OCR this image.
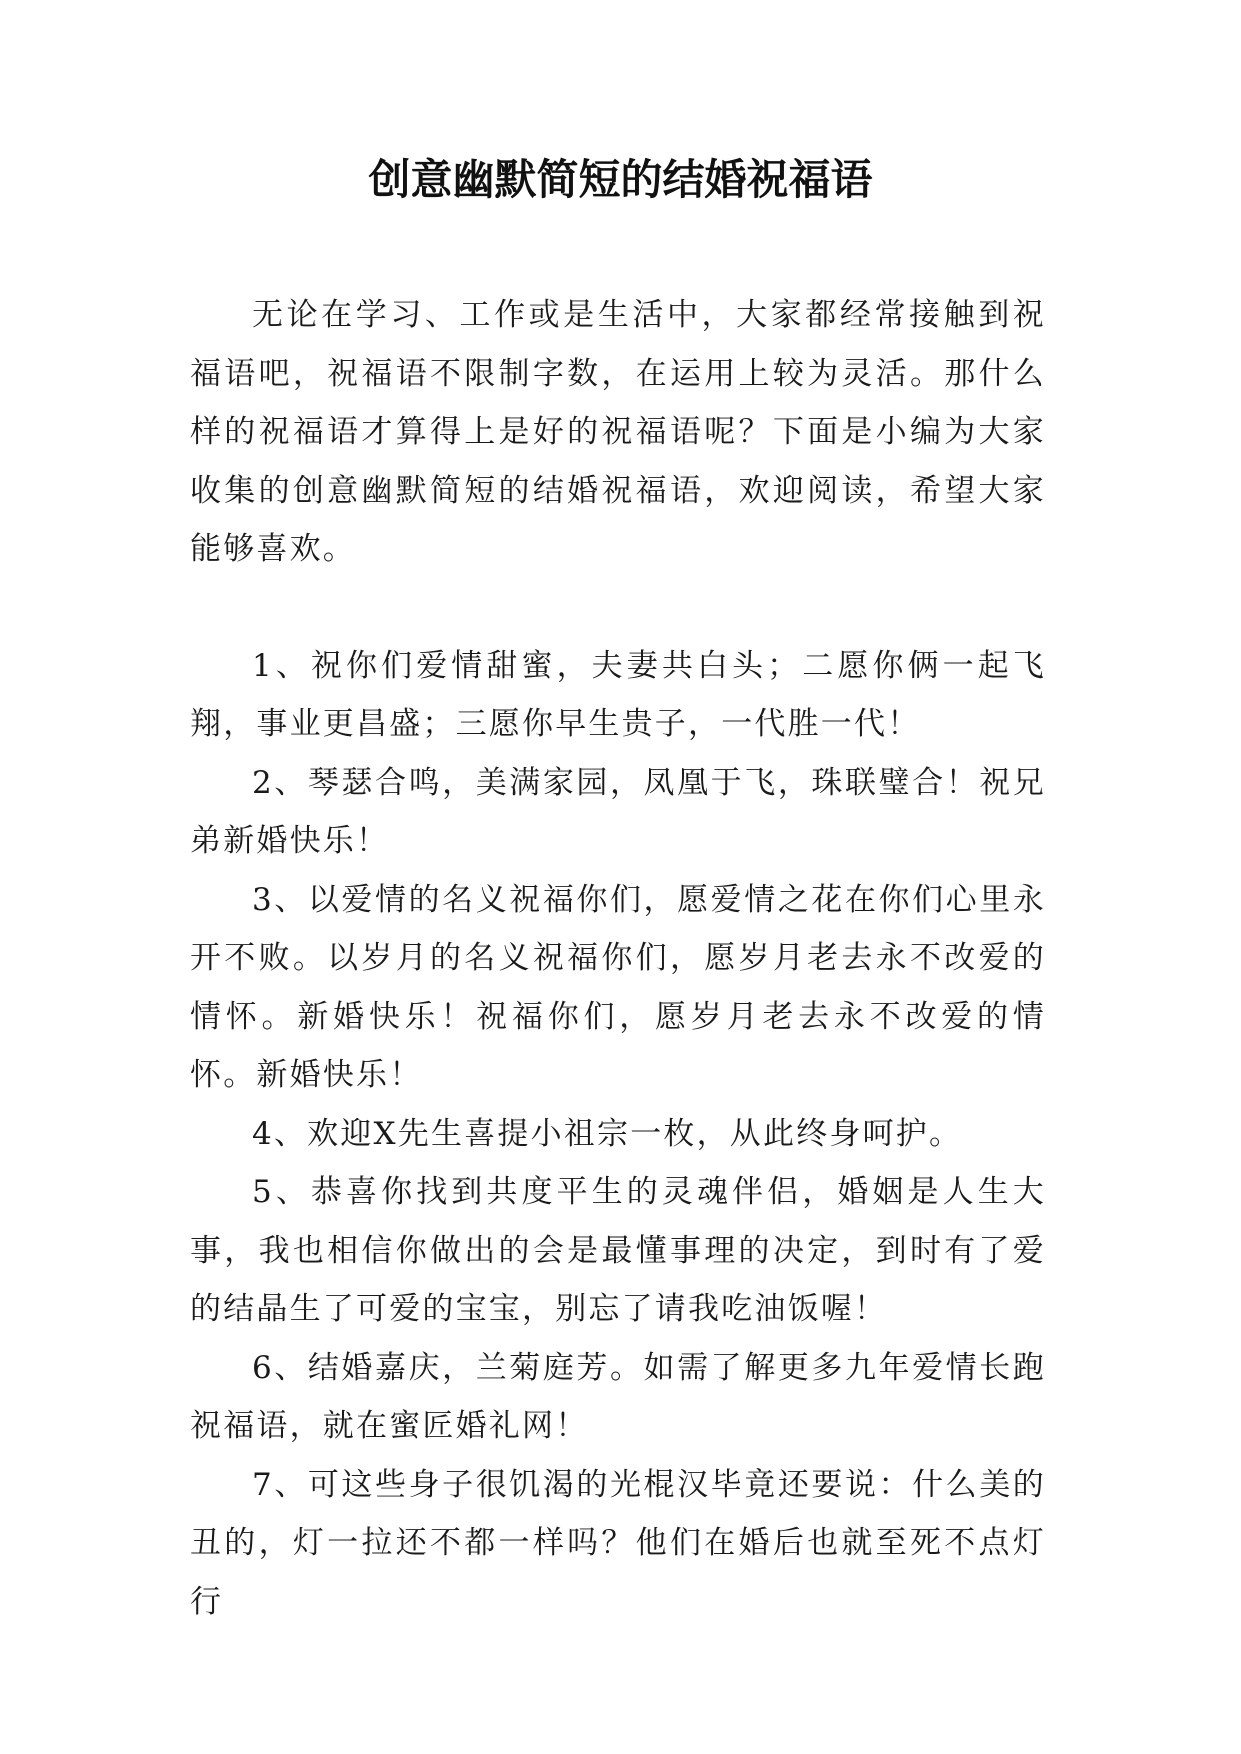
创意幽默简短的结婚祝福语

无论在学习、工作或是生活中，大家都经常接触到祝福语吧，祝福语不限制字数，在运用上较为灵活。那什么样的祝福语才算得上是好的祝福语呢？下面是小编为大家收集的创意幽默简短的结婚祝福语，欢迎阅读，希望大家能够喜欢。

1、祝你们爱情甜蜜，夫妻共白头；二愿你俩一起飞翔，事业更昌盛；三愿你早生贵子，一代胜一代！

2、琴瑟合鸣，美满家园，凤凰于飞，珠联璧合！祝兄弟新婚快乐！

3、以爱情的名义祝福你们，愿爱情之花在你们心里永开不败。以岁月的名义祝福你们，愿岁月老去永不改爱的情怀。新婚快乐！祝福你们，愿岁月老去永不改爱的情怀。新婚快乐！

4、欢迎X先生喜提小祖宗一枚，从此终身呵护。

5、恭喜你找到共度平生的灵魂伴侣，婚姻是人生大事，我也相信你做出的会是最懂事理的决定，到时有了爱的结晶生了可爱的宝宝，别忘了请我吃油饭喔！

6、结婚嘉庆，兰菊庭芳。如需了解更多九年爱情长跑祝福语，就在蜜匠婚礼网！

7、可这些身子很饥渴的光棍汉毕竟还要说：什么美的丑的，灯一拉还不都一样吗？他们在婚后也就至死不点灯行
